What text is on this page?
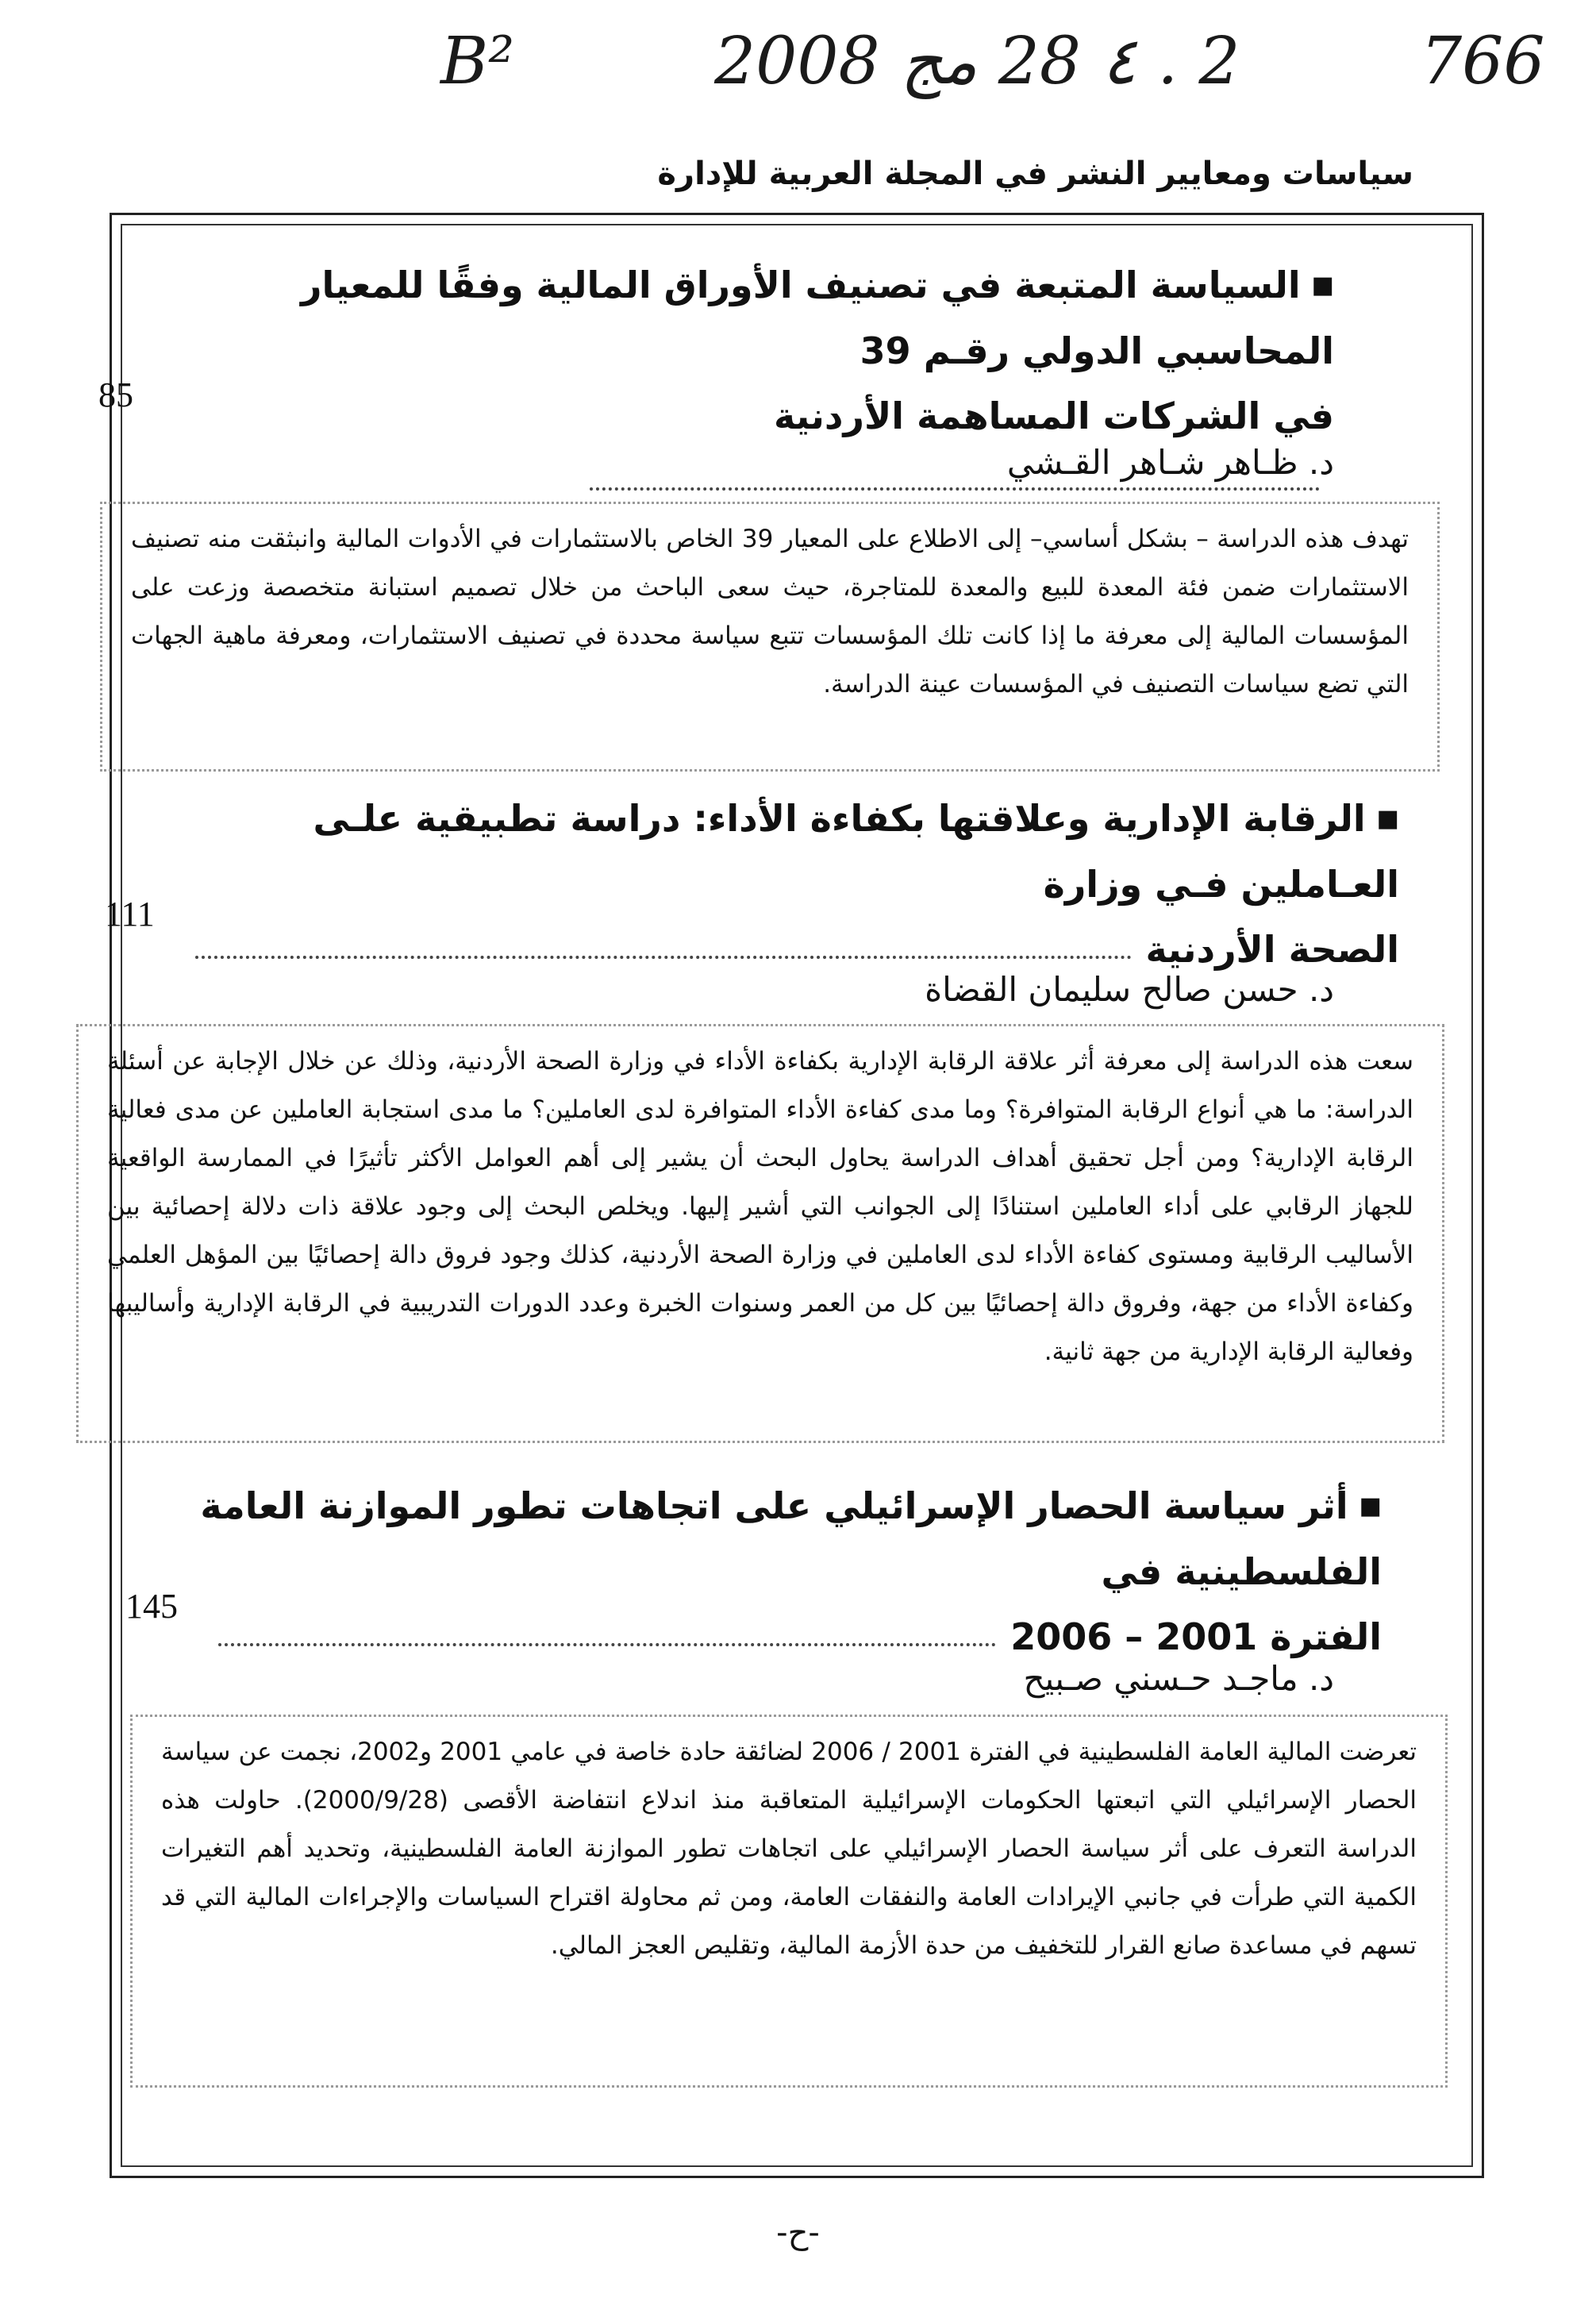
B²	2 . ٤ 28 مج 2008	766
سياسات ومعايير النشر في المجلة العربية للإدارة
■السياسة المتبعة في تصنيف الأوراق المالية وفقًا للمعيار المحاسبي الدولي رقـم 39
في الشركات المساهمة الأردنية
85
د. ظـاهر شـاهر القـشي
تهدف هذه الدراسة – بشكل أساسي– إلى الاطلاع على المعيار 39 الخاص بالاستثمارات في الأدوات المالية وانبثقت منه تصنيف الاستثمارات ضمن فئة المعدة للبيع والمعدة للمتاجرة، حيث سعى الباحث من خلال تصميم استبانة متخصصة وزعت على المؤسسات المالية إلى معرفة ما إذا كانت تلك المؤسسات تتبع سياسة محددة في تصنيف الاستثمارات، ومعرفة ماهية الجهات التي تضع سياسات التصنيف في المؤسسات عينة الدراسة.
■الرقابة الإدارية وعلاقتها بكفاءة الأداء: دراسة تطبيقية علـى العـاملين فـي وزارة
الصحة الأردنية
111
د. حسن صالح سليمان القضاة
سعت هذه الدراسة إلى معرفة أثر علاقة الرقابة الإدارية بكفاءة الأداء في وزارة الصحة الأردنية، وذلك عن خلال الإجابة عن أسئلة الدراسة: ما هي أنواع الرقابة المتوافرة؟ وما مدى كفاءة الأداء المتوافرة لدى العاملين؟ ما مدى استجابة العاملين عن مدى فعالية الرقابة الإدارية؟ ومن أجل تحقيق أهداف الدراسة يحاول البحث أن يشير إلى أهم العوامل الأكثر تأثيرًا في الممارسة الواقعية للجهاز الرقابي على أداء العاملين استنادًا إلى الجوانب التي أشير إليها. ويخلص البحث إلى وجود علاقة ذات دلالة إحصائية بين الأساليب الرقابية ومستوى كفاءة الأداء لدى العاملين في وزارة الصحة الأردنية، كذلك وجود فروق دالة إحصائيًا بين المؤهل العلمي وكفاءة الأداء من جهة، وفروق دالة إحصائيًا بين كل من العمر وسنوات الخبرة وعدد الدورات التدريبية في الرقابة الإدارية وأساليبها وفعالية الرقابة الإدارية من جهة ثانية.
■أثر سياسة الحصار الإسرائيلي على اتجاهات تطور الموازنة العامة الفلسطينية في
الفترة 2001 – 2006
145
د. ماجـد حـسني صـبيح
تعرضت المالية العامة الفلسطينية في الفترة 2001 / 2006 لضائقة حادة خاصة في عامي 2001 و2002، نجمت عن سياسة الحصار الإسرائيلي التي اتبعتها الحكومات الإسرائيلية المتعاقبة منذ اندلاع انتفاضة الأقصى (2000/9/28). حاولت هذه الدراسة التعرف على أثر سياسة الحصار الإسرائيلي على اتجاهات تطور الموازنة العامة الفلسطينية، وتحديد أهم التغيرات الكمية التي طرأت في جانبي الإيرادات العامة والنفقات العامة، ومن ثم محاولة اقتراح السياسات والإجراءات المالية التي قد تسهم في مساعدة صانع القرار للتخفيف من حدة الأزمة المالية، وتقليص العجز المالي.
-ح-
